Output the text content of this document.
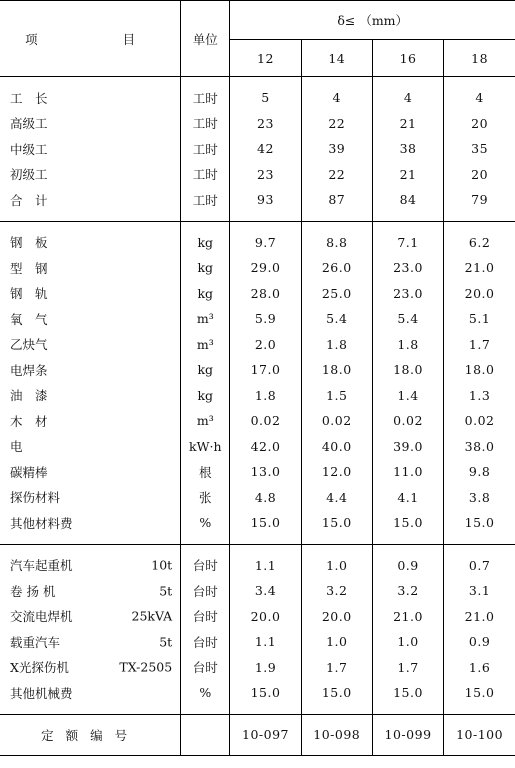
项　　目	单位	δ≤ （mm）			
		12	14	16	18

工　长	工时	5	4	4	4
高级工	工时	23	22	21	20
中级工	工时	42	39	38	35
初级工	工时	23	22	21	20
合　计	工时	93	87	84	79

钢　板	kg	9.7	8.8	7.1	6.2
型　钢	kg	29.0	26.0	23.0	21.0
钢　轨	kg	28.0	25.0	23.0	20.0
氧　气	m³	5.9	5.4	5.4	5.1
乙炔气	m³	2.0	1.8	1.8	1.7
电焊条	kg	17.0	18.0	18.0	18.0
油　漆	kg	1.8	1.5	1.4	1.3
木　材	m³	0.02	0.02	0.02	0.02
电	kW·h	42.0	40.0	39.0	38.0
碳精棒	根	13.0	12.0	11.0	9.8
探伤材料	张	4.8	4.4	4.1	3.8
其他材料费	%	15.0	15.0	15.0	15.0

汽车起重机 10t	台时	1.1	1.0	0.9	0.7
卷 扬 机 5t	台时	3.4	3.2	3.2	3.1
交流电焊机 25kVA	台时	20.0	20.0	21.0	21.0
载重汽车 5t	台时	1.1	1.0	1.0	0.9
X光探伤机 TX-2505	台时	1.9	1.7	1.7	1.6
其他机械费	%	15.0	15.0	15.0	15.0

定额编号		10-097	10-098	10-099	10-100
